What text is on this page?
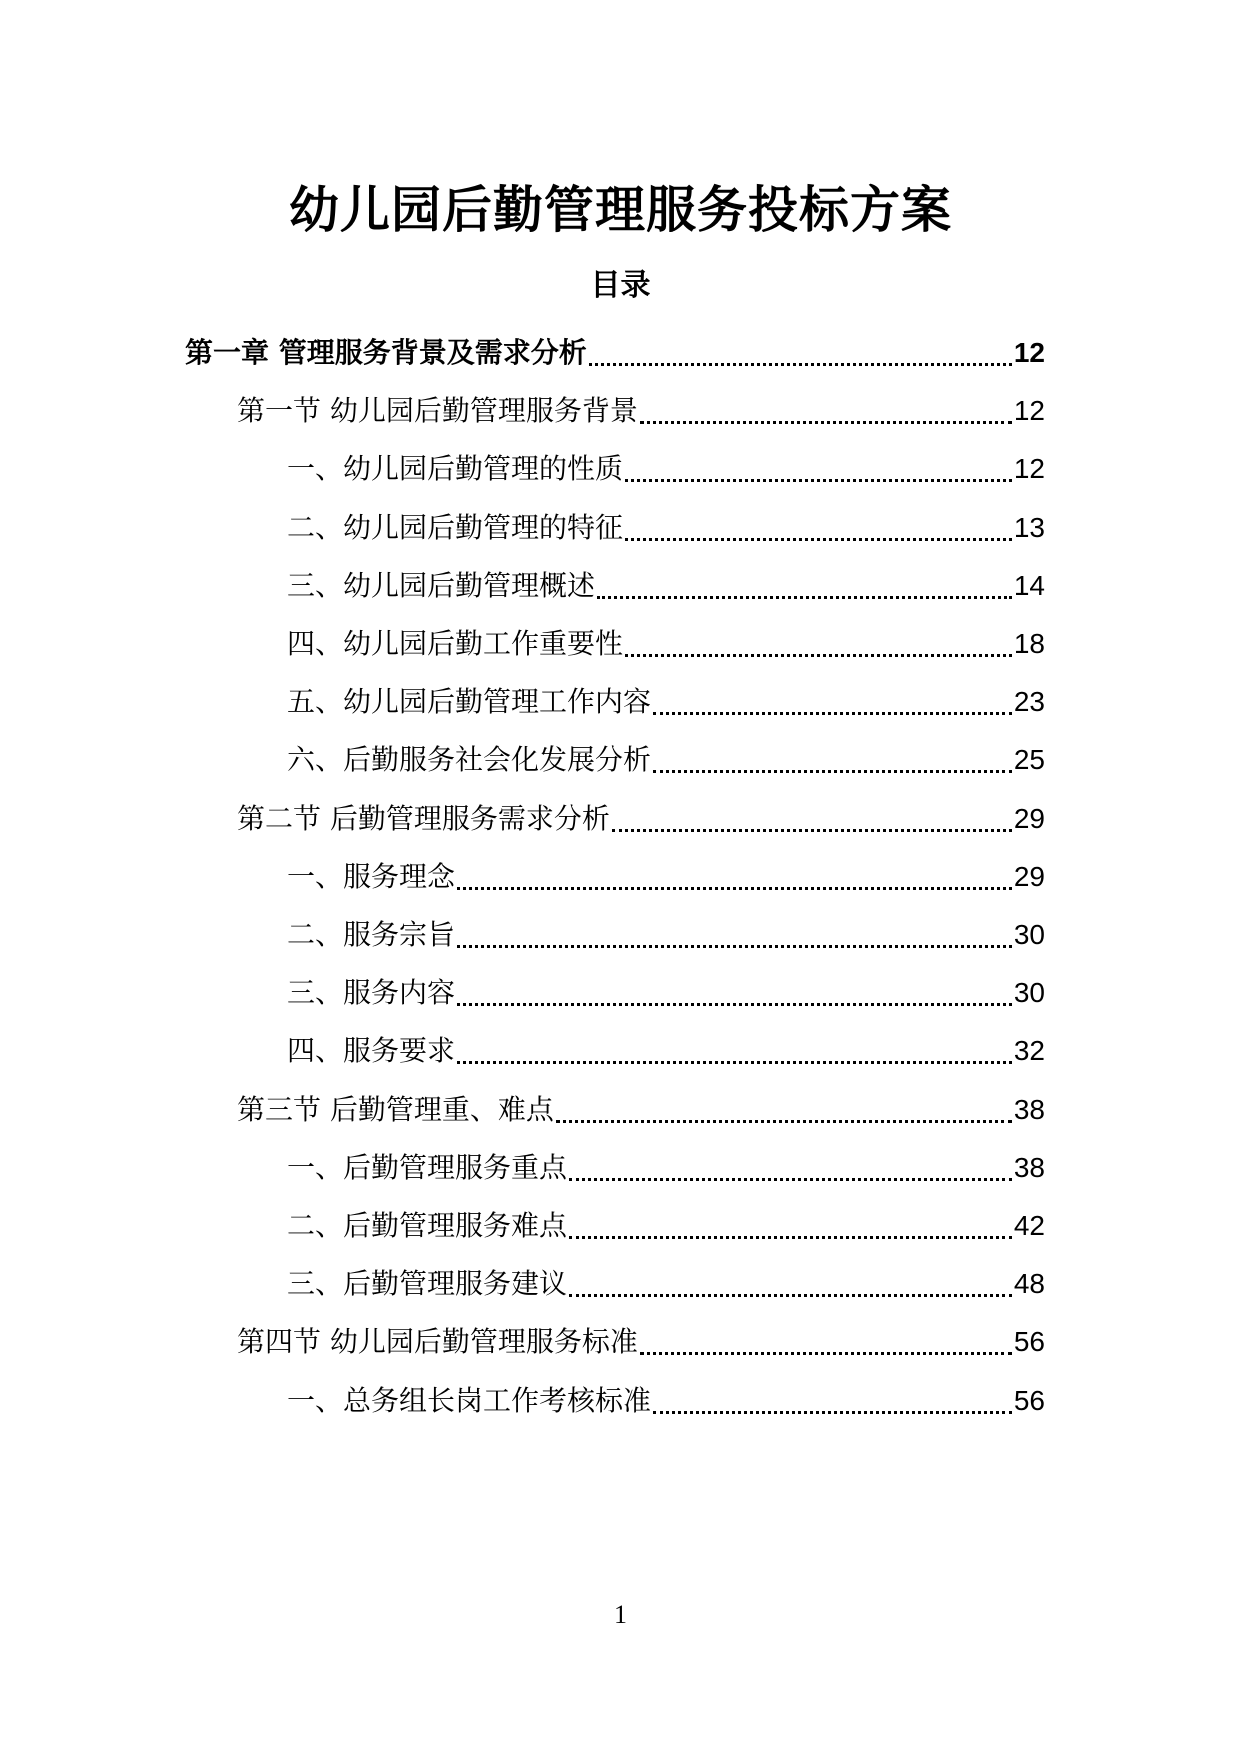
幼儿园后勤管理服务投标方案
目录
第一章 管理服务背景及需求分析	12
第一节 幼儿园后勤管理服务背景	12
一、幼儿园后勤管理的性质	12
二、幼儿园后勤管理的特征	13
三、幼儿园后勤管理概述	14
四、幼儿园后勤工作重要性	18
五、幼儿园后勤管理工作内容	23
六、后勤服务社会化发展分析	25
第二节 后勤管理服务需求分析	29
一、服务理念	29
二、服务宗旨	30
三、服务内容	30
四、服务要求	32
第三节 后勤管理重、难点	38
一、后勤管理服务重点	38
二、后勤管理服务难点	42
三、后勤管理服务建议	48
第四节 幼儿园后勤管理服务标准	56
一、总务组长岗工作考核标准	56
1
